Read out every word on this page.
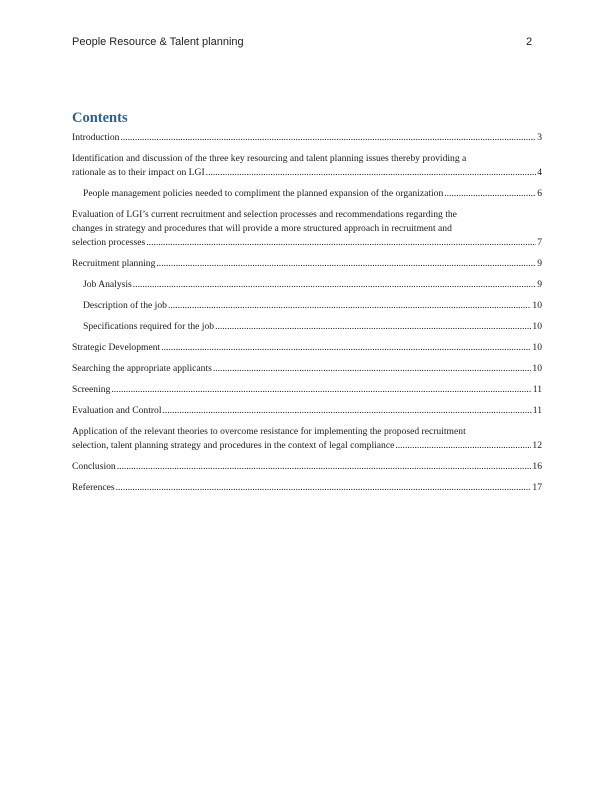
People Resource & Talent planning	2
Contents
Introduction .....	3
Identification and discussion of the three key resourcing and talent planning issues thereby providing a
rationale as to their impact on LGI .....	4
People management policies needed to compliment the planned expansion of the organization .....	6
Evaluation of LGI’s current recruitment and selection processes and recommendations regarding the
changes in strategy and procedures that will provide a more structured approach in recruitment and
selection processes .....	7
Recruitment planning .....	9
Job Analysis .....	9
Description of the job .....	10
Specifications required for the job .....	10
Strategic Development .....	10
Searching the appropriate applicants .....	10
Screening .....	11
Evaluation and Control .....	11
Application of the relevant theories to overcome resistance for implementing the proposed recruitment
selection, talent planning strategy and procedures in the context of legal compliance .....	12
Conclusion .....	16
References .....	17
